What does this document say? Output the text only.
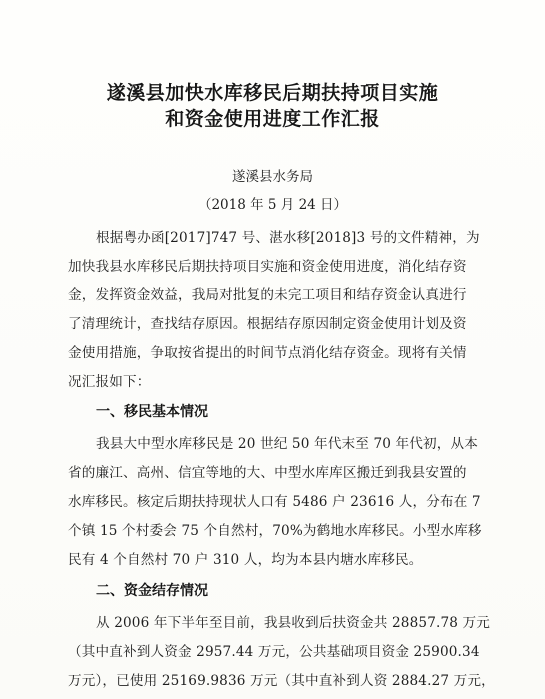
遂溪县加快水库移民后期扶持项目实施
和资金使用进度工作汇报
遂溪县水务局
（2018 年 5 月 24 日）
根据粤办函[2017]747 号、湛水移[2018]3 号的文件精神，为
加快我县水库移民后期扶持项目实施和资金使用进度，消化结存资
金，发挥资金效益，我局对批复的未完工项目和结存资金认真进行
了清理统计，查找结存原因。根据结存原因制定资金使用计划及资
金使用措施，争取按省提出的时间节点消化结存资金。现将有关情
况汇报如下：
一、移民基本情况
我县大中型水库移民是 20 世纪 50 年代末至 70 年代初，从本
省的廉江、高州、信宜等地的大、中型水库库区搬迁到我县安置的
水库移民。核定后期扶持现状人口有 5486 户 23616 人，分布在 7
个镇 15 个村委会 75 个自然村，70%为鹤地水库移民。小型水库移
民有 4 个自然村 70 户 310 人，均为本县内塘水库移民。
二、资金结存情况
从 2006 年下半年至目前，我县收到后扶资金共 28857.78 万元
（其中直补到人资金 2957.44 万元，公共基础项目资金 25900.34
万元），已使用 25169.9836 万元（其中直补到人资 2884.27 万元，
